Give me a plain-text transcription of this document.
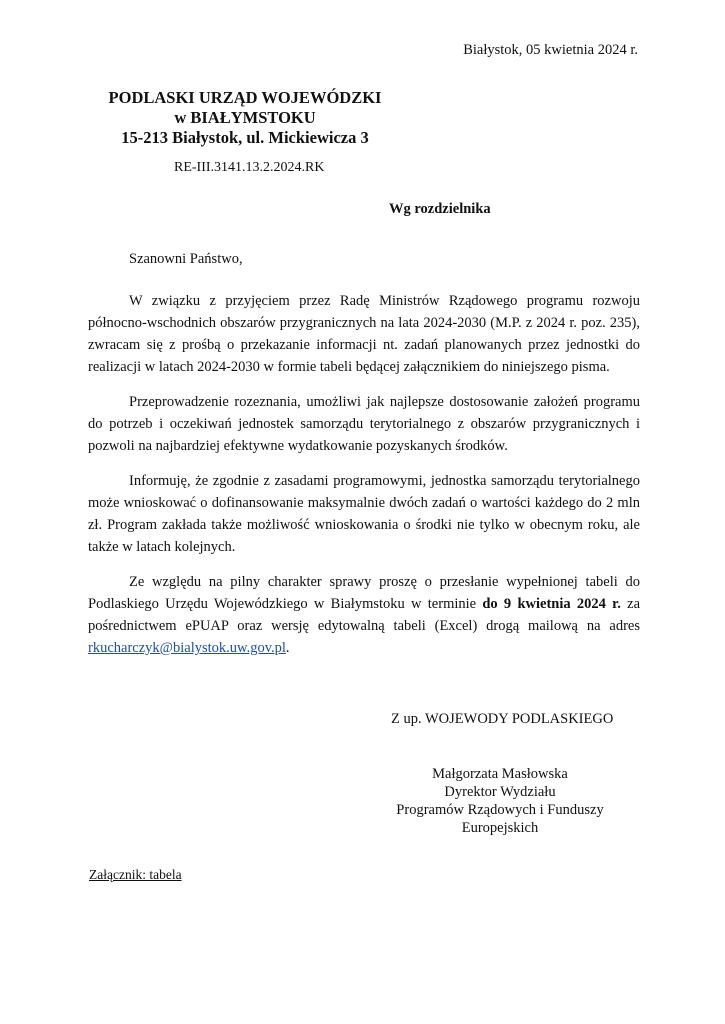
Białystok, 05 kwietnia 2024 r.
PODLASKI URZĄD WOJEWÓDZKI
w BIAŁYMSTOKU
15-213 Białystok, ul. Mickiewicza 3
RE-III.3141.13.2.2024.RK
Wg rozdzielnika
Szanowni Państwo,

W związku z przyjęciem przez Radę Ministrów Rządowego programu rozwoju północno-wschodnich obszarów przygranicznych na lata 2024-2030 (M.P. z 2024 r. poz. 235), zwracam się z prośbą o przekazanie informacji nt. zadań planowanych przez jednostki do realizacji w latach 2024-2030 w formie tabeli będącej załącznikiem do niniejszego pisma.

Przeprowadzenie rozeznania, umożliwi jak najlepsze dostosowanie założeń programu do potrzeb i oczekiwań jednostek samorządu terytorialnego z obszarów przygranicznych i pozwoli na najbardziej efektywne wydatkowanie pozyskanych środków.

Informuję, że zgodnie z zasadami programowymi, jednostka samorządu terytorialnego może wnioskować o dofinansowanie maksymalnie dwóch zadań o wartości każdego do 2 mln zł. Program zakłada także możliwość wnioskowania o środki nie tylko w obecnym roku, ale także w latach kolejnych.

Ze względu na pilny charakter sprawy proszę o przesłanie wypełnionej tabeli do Podlaskiego Urzędu Wojewódzkiego w Białymstoku w terminie do 9 kwietnia 2024 r. za pośrednictwem ePUAP oraz wersję edytowalną tabeli (Excel) drogą mailową na adres rkucharczyk@bialystok.uw.gov.pl.

Z up. WOJEWODY PODLASKIEGO
Małgorzata Masłowska
Dyrektor Wydziału
Programów Rządowych i Funduszy
Europejskich
Załącznik: tabela
